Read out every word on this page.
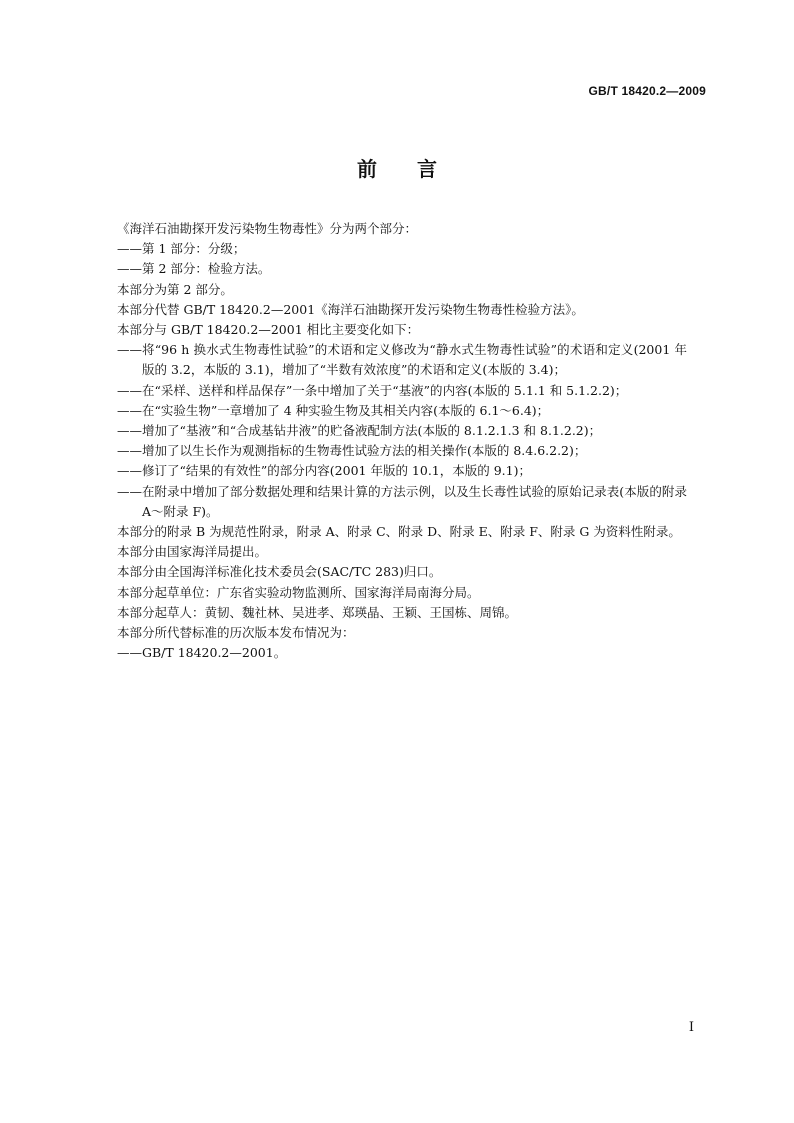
GB/T 18420.2—2009
前言
《海洋石油勘探开发污染物生物毒性》分为两个部分：
—— 第 1 部分：分级；
—— 第 2 部分：检验方法。
本部分为第 2 部分。
本部分代替 GB/T 18420.2—2001《海洋石油勘探开发污染物生物毒性检验方法》。
本部分与 GB/T 18420.2—2001 相比主要变化如下：
—— 将“96 h 换水式生物毒性试验”的术语和定义修改为“静水式生物毒性试验”的术语和定义(2001 年版的 3.2，本版的 3.1)，增加了“半数有效浓度”的术语和定义(本版的 3.4)；
—— 在“采样、送样和样品保存”一条中增加了关于“基液”的内容(本版的 5.1.1 和 5.1.2.2)；
—— 在“实验生物”一章增加了 4 种实验生物及其相关内容(本版的 6.1～6.4)；
—— 增加了“基液”和“合成基钻井液”的贮备液配制方法(本版的 8.1.2.1.3 和 8.1.2.2)；
—— 增加了以生长作为观测指标的生物毒性试验方法的相关操作(本版的 8.4.6.2.2)；
—— 修订了“结果的有效性”的部分内容(2001 年版的 10.1，本版的 9.1)；
—— 在附录中增加了部分数据处理和结果计算的方法示例，以及生长毒性试验的原始记录表(本版的附录 A～附录 F)。
本部分的附录 B 为规范性附录，附录 A、附录 C、附录 D、附录 E、附录 F、附录 G 为资料性附录。
本部分由国家海洋局提出。
本部分由全国海洋标准化技术委员会(SAC/TC 283)归口。
本部分起草单位：广东省实验动物监测所、国家海洋局南海分局。
本部分起草人：黄韧、魏社林、吴进孝、郑瑛晶、王颖、王国栋、周锦。
本部分所代替标准的历次版本发布情况为：
—— GB/T 18420.2—2001。
I
